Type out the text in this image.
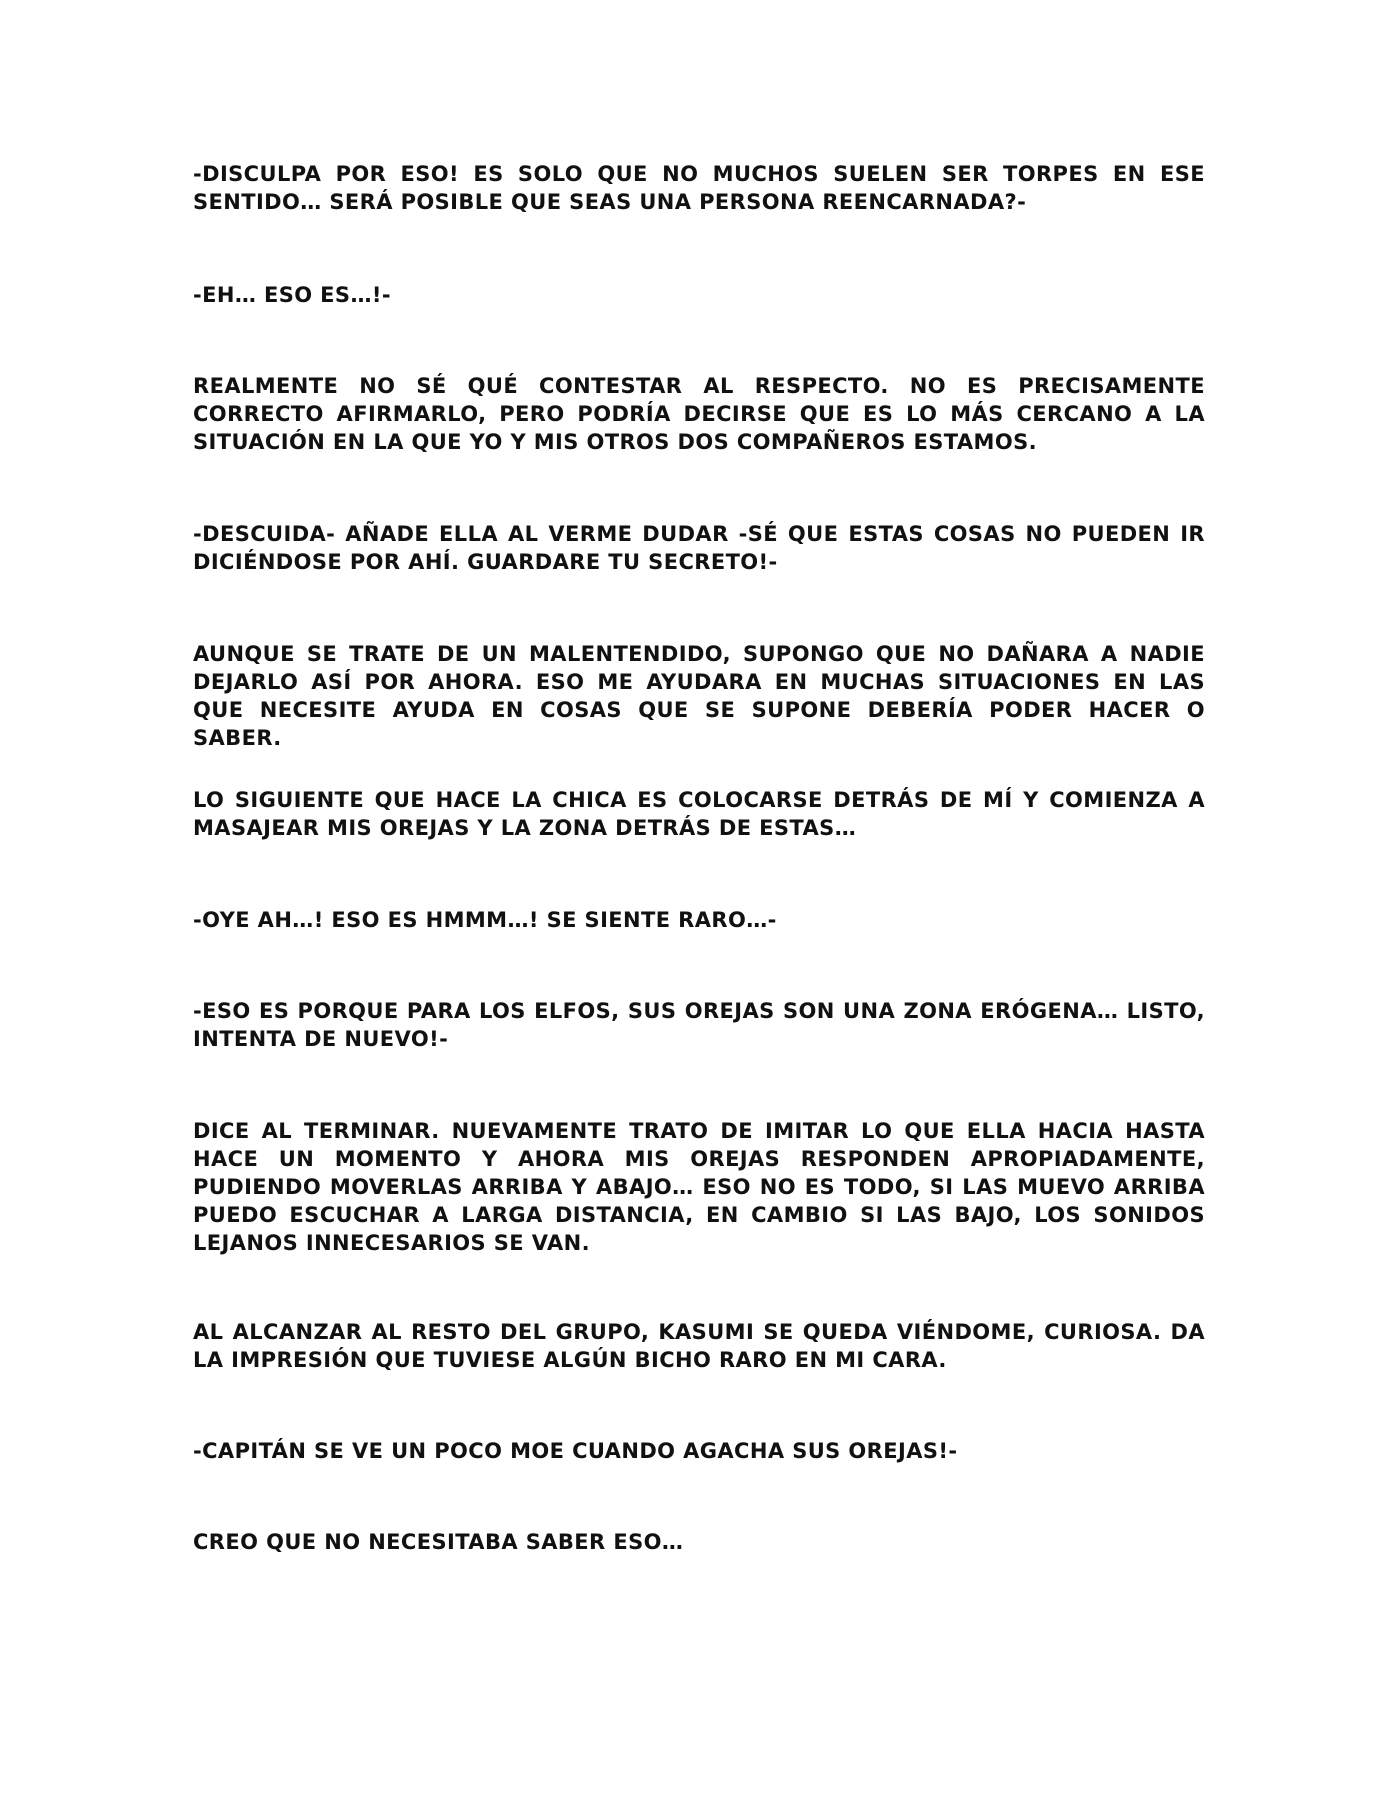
-DISCULPA POR ESO! ES SOLO QUE NO MUCHOS SUELEN SER TORPES EN ESE SENTIDO… SERÁ POSIBLE QUE SEAS UNA PERSONA REENCARNADA?-

-EH… ESO ES…!-

REALMENTE NO SÉ QUÉ CONTESTAR AL RESPECTO. NO ES PRECISAMENTE CORRECTO AFIRMARLO, PERO PODRÍA DECIRSE QUE ES LO MÁS CERCANO A LA SITUACIÓN EN LA QUE YO Y MIS OTROS DOS COMPAÑEROS ESTAMOS.

-DESCUIDA- AÑADE ELLA AL VERME DUDAR -SÉ QUE ESTAS COSAS NO PUEDEN IR DICIÉNDOSE POR AHÍ. GUARDARE TU SECRETO!-

AUNQUE SE TRATE DE UN MALENTENDIDO, SUPONGO QUE NO DAÑARA A NADIE DEJARLO ASÍ POR AHORA. ESO ME AYUDARA EN MUCHAS SITUACIONES EN LAS QUE NECESITE AYUDA EN COSAS QUE SE SUPONE DEBERÍA PODER HACER O SABER.

LO SIGUIENTE QUE HACE LA CHICA ES COLOCARSE DETRÁS DE MÍ Y COMIENZA A MASAJEAR MIS OREJAS Y LA ZONA DETRÁS DE ESTAS…

-OYE AH…! ESO ES HMMM…! SE SIENTE RARO…-

-ESO ES PORQUE PARA LOS ELFOS, SUS OREJAS SON UNA ZONA ERÓGENA… LISTO, INTENTA DE NUEVO!-

DICE AL TERMINAR. NUEVAMENTE TRATO DE IMITAR LO QUE ELLA HACIA HASTA HACE UN MOMENTO Y AHORA MIS OREJAS RESPONDEN APROPIADAMENTE, PUDIENDO MOVERLAS ARRIBA Y ABAJO… ESO NO ES TODO, SI LAS MUEVO ARRIBA PUEDO ESCUCHAR A LARGA DISTANCIA, EN CAMBIO SI LAS BAJO, LOS SONIDOS LEJANOS INNECESARIOS SE VAN.

AL ALCANZAR AL RESTO DEL GRUPO, KASUMI SE QUEDA VIÉNDOME, CURIOSA. DA LA IMPRESIÓN QUE TUVIESE ALGÚN BICHO RARO EN MI CARA.

-CAPITÁN SE VE UN POCO MOE CUANDO AGACHA SUS OREJAS!-

CREO QUE NO NECESITABA SABER ESO…
